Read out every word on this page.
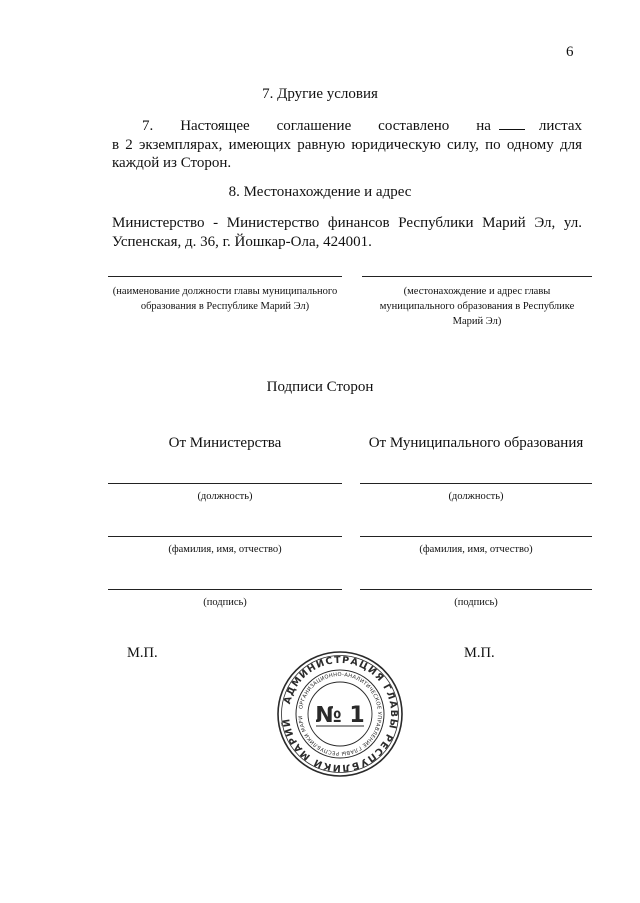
6
7. Другие условия
7. Настоящее соглашение составлено на	листах
в 2 экземплярах, имеющих равную юридическую силу, по одному для каждой из Сторон.
8. Местонахождение и адрес
Министерство - Министерство финансов Республики Марий Эл, ул. Успенская, д. 36, г. Йошкар-Ола, 424001.
(наименование должности главы муниципального образования в Республике Марий Эл)
(местонахождение и адрес главы муниципального образования в Республике Марий Эл)
Подписи Сторон
От Министерства	От Муниципального образования
(должность)	(должность)
(фамилия, имя, отчество)	(фамилия, имя, отчество)
(подпись)	(подпись)
М.П.	М.П.
АДМИНИСТРАЦИЯ ГЛАВЫ РЕСПУБЛИКИ МАРИЙ
ОРГАНИЗАЦИОННО-АНАЛИТИЧЕСКОЕ УПРАВЛЕНИЕ ГЛАВЫ РЕСПУБЛИКИ МАРИ № 1
